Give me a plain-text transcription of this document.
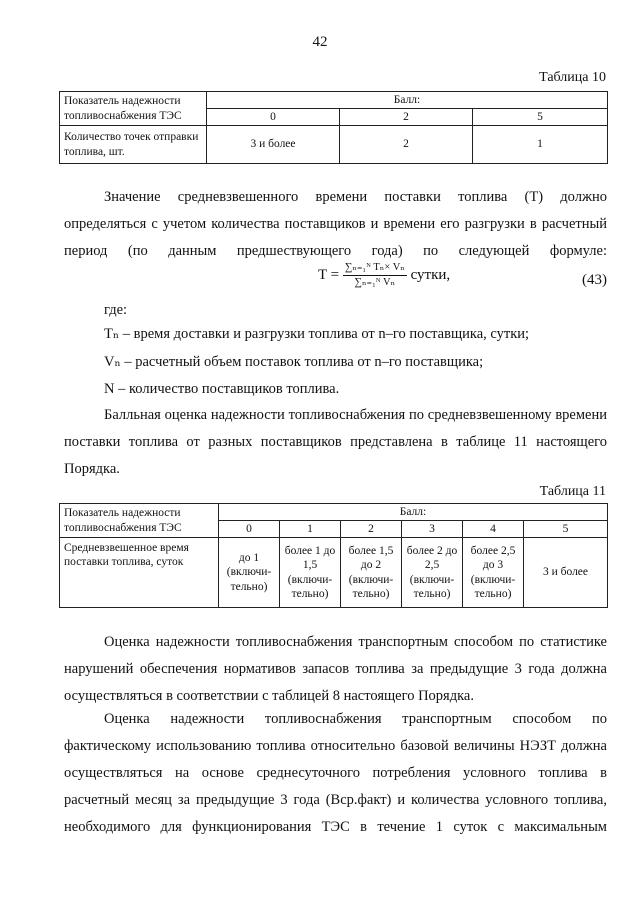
42
Таблица 10
Показатель надежности топливоснабжения ТЭС	Балл:		
	0	2	5
Количество точек отправки топлива, шт.	3 и более	2	1
Значение средневзвешенного времени поставки топлива (Т) должно определяться с учетом количества поставщиков и времени его разгрузки в расчетный период (по данным предшествующего года) по следующей формуле:
$T = \frac{\text{∑ₙ₌₁ᴺ Tₙ× Vₙ}}{\text{∑ₙ₌₁ᴺ Vₙ}}$ сутки,	(43)
где:
Tₙ – время доставки и разгрузки топлива от n–го поставщика, сутки;
Vₙ – расчетный объем поставок топлива от n–го поставщика;
N – количество поставщиков топлива.
Балльная оценка надежности топливоснабжения по средневзвешенному времени поставки топлива от разных поставщиков представлена в таблице 11 настоящего Порядка.
Таблица 11
Показатель надежности топливоснабжения ТЭС	Балл:					
	0	1	2	3	4	5
Средневзвешенное время поставки топлива, суток	до 1 (включи-тельно)	более 1 до 1,5 (включи-тельно)	более 1,5 до 2 (включи-тельно)	более 2 до 2,5 (включи-тельно)	более 2,5 до 3 (включи-тельно)	3 и более
Оценка надежности топливоснабжения транспортным способом по статистике нарушений обеспечения нормативов запасов топлива за предыдущие 3 года должна осуществляться в соответствии с таблицей 8 настоящего Порядка.
Оценка надежности топливоснабжения транспортным способом по фактическому использованию топлива относительно базовой величины НЭЗТ должна осуществляться на основе среднесуточного потребления условного топлива в расчетный месяц за предыдущие 3 года (Bср.факт) и количества условного топлива, необходимого для функционирования ТЭС в течение 1 суток с максимальным
